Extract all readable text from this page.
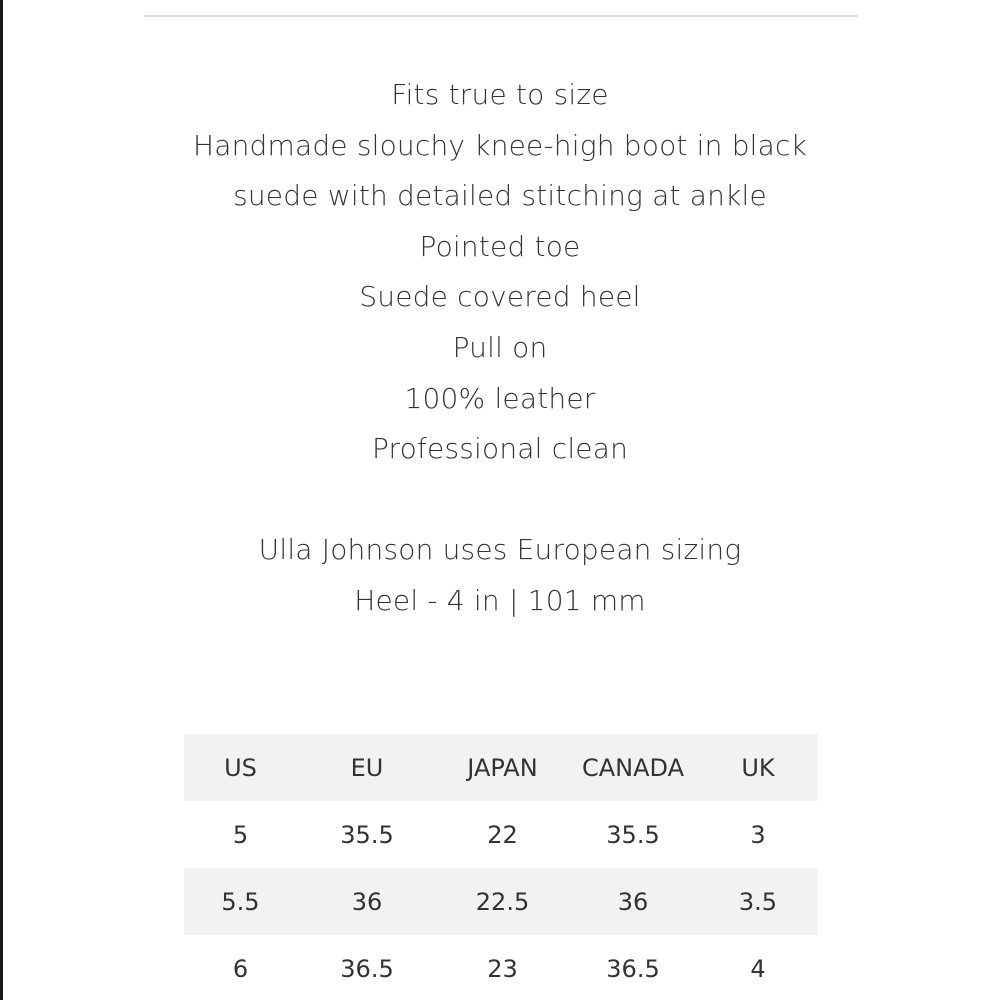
Fits true to size
Handmade slouchy knee-high boot in black
suede with detailed stitching at ankle
Pointed toe
Suede covered heel
Pull on
100% leather
Professional clean
Ulla Johnson uses European sizing
Heel - 4 in | 101 mm
US	EU	JAPAN	CANADA	UK
5	35.5	22	35.5	3
5.5	36	22.5	36	3.5
6	36.5	23	36.5	4
